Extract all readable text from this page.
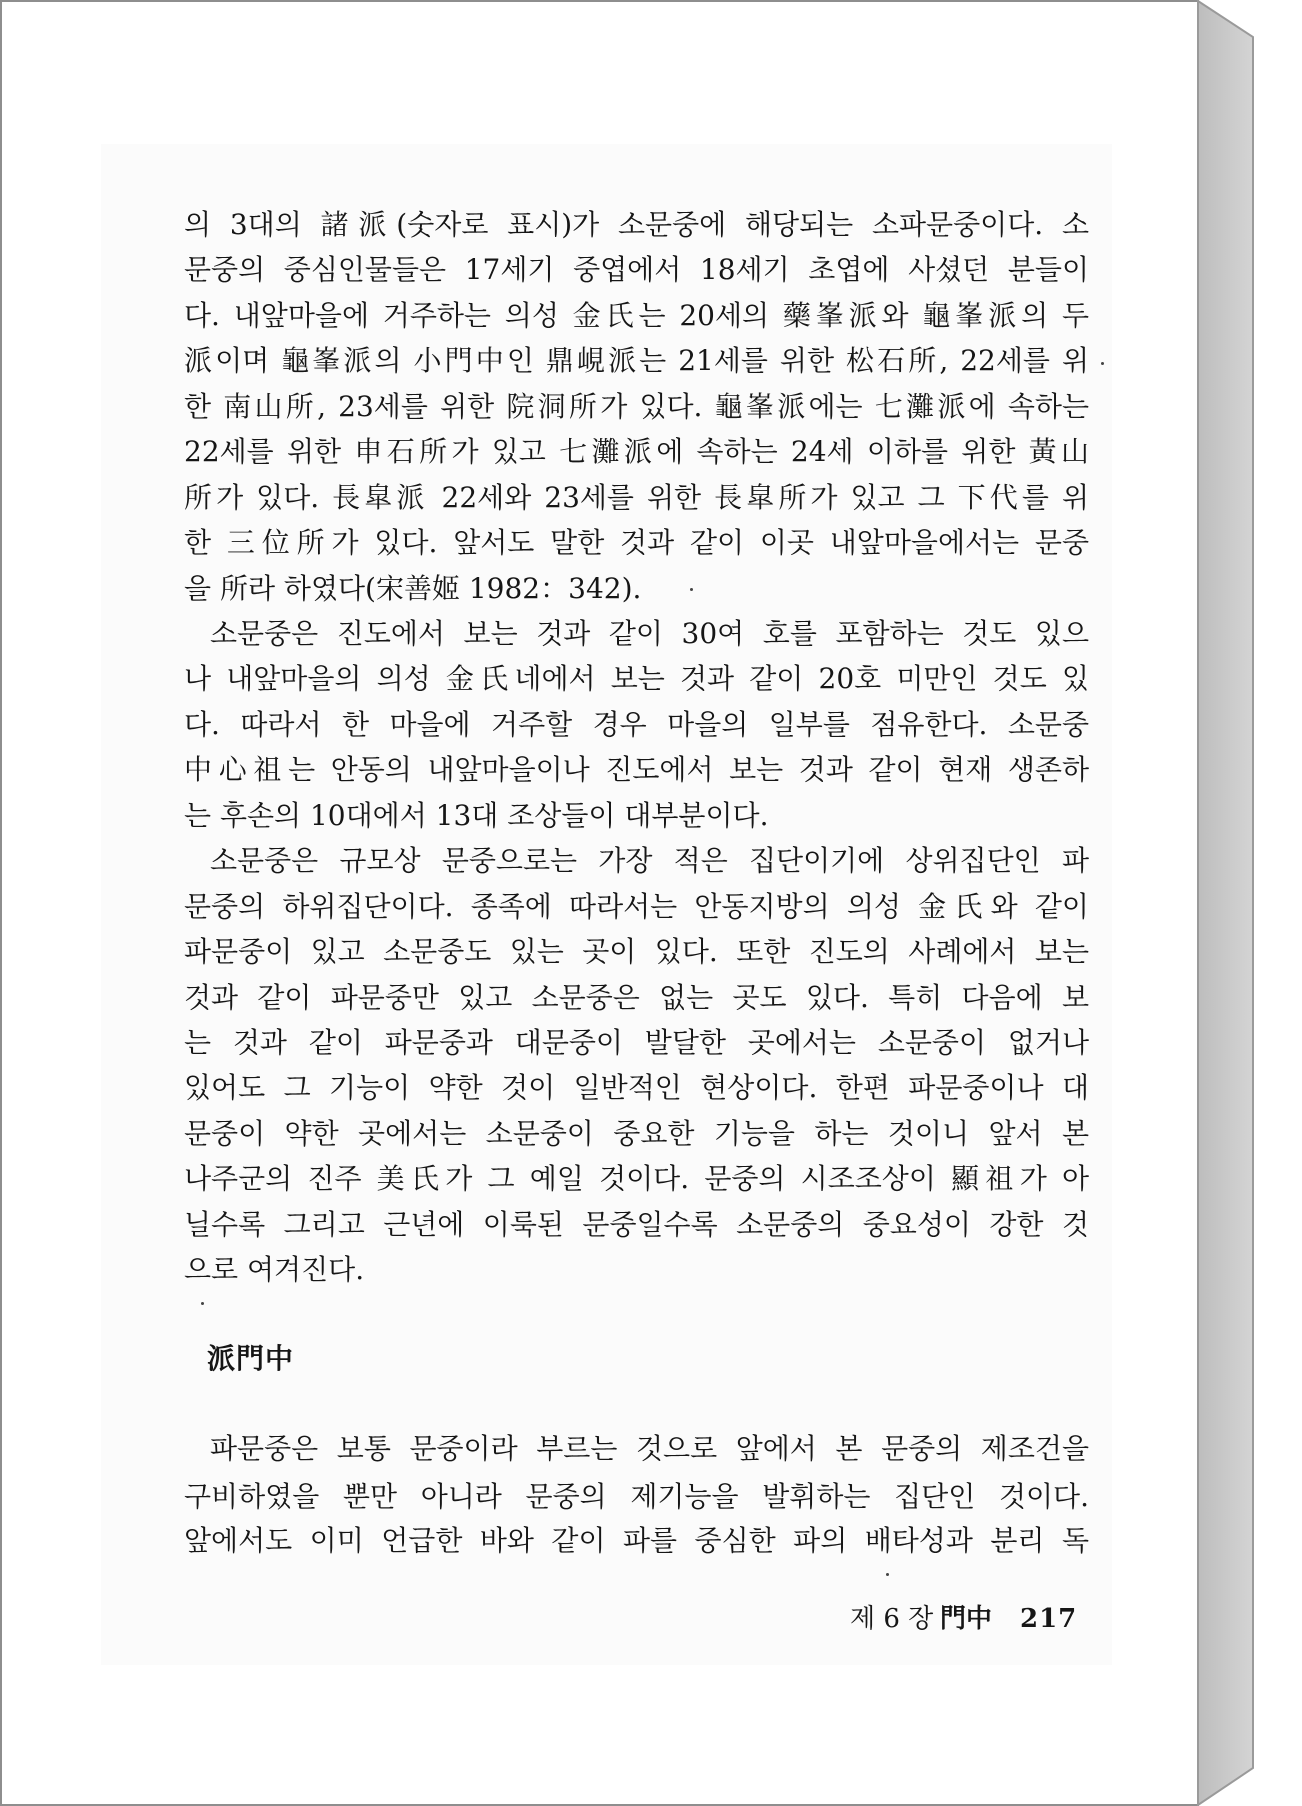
의 3대의 諸派(숫자로 표시)가 소문중에 해당되는 소파문중이다. 소
문중의 중심인물들은 17세기 중엽에서 18세기 초엽에 사셨던 분들이
다. 내앞마을에 거주하는 의성 金氏는 20세의 藥峯派와 龜峯派의 두
派이며 龜峯派의 小門中인 鼎峴派는 21세를 위한 松石所, 22세를 위
한 南山所, 23세를 위한 院洞所가 있다. 龜峯派에는 七灘派에 속하는
22세를 위한 申石所가 있고 七灘派에 속하는 24세 이하를 위한 黃山
所가 있다. 長皐派 22세와 23세를 위한 長皐所가 있고 그 下代를 위
한 三位所가 있다. 앞서도 말한 것과 같이 이곳 내앞마을에서는 문중
을 所라 하였다(宋善姬 1982：342).
소문중은 진도에서 보는 것과 같이 30여 호를 포함하는 것도 있으
나 내앞마을의 의성 金氏네에서 보는 것과 같이 20호 미만인 것도 있
다. 따라서 한 마을에 거주할 경우 마을의 일부를 점유한다. 소문중
中心祖는 안동의 내앞마을이나 진도에서 보는 것과 같이 현재 생존하
는 후손의 10대에서 13대 조상들이 대부분이다.
소문중은 규모상 문중으로는 가장 적은 집단이기에 상위집단인 파
문중의 하위집단이다. 종족에 따라서는 안동지방의 의성 金氏와 같이
파문중이 있고 소문중도 있는 곳이 있다. 또한 진도의 사례에서 보는
것과 같이 파문중만 있고 소문중은 없는 곳도 있다. 특히 다음에 보
는 것과 같이 파문중과 대문중이 발달한 곳에서는 소문중이 없거나
있어도 그 기능이 약한 것이 일반적인 현상이다. 한편 파문중이나 대
문중이 약한 곳에서는 소문중이 중요한 기능을 하는 것이니 앞서 본
나주군의 진주 美氏가 그 예일 것이다. 문중의 시조조상이 顯祖가 아
닐수록 그리고 근년에 이룩된 문중일수록 소문중의 중요성이 강한 것
으로 여겨진다.
派門中
파문중은 보통 문중이라 부르는 것으로 앞에서 본 문중의 제조건을
구비하였을 뿐만 아니라 문중의 제기능을 발휘하는 집단인 것이다.
앞에서도 이미 언급한 바와 같이 파를 중심한 파의 배타성과 분리 독
제 6 장 門中 217
